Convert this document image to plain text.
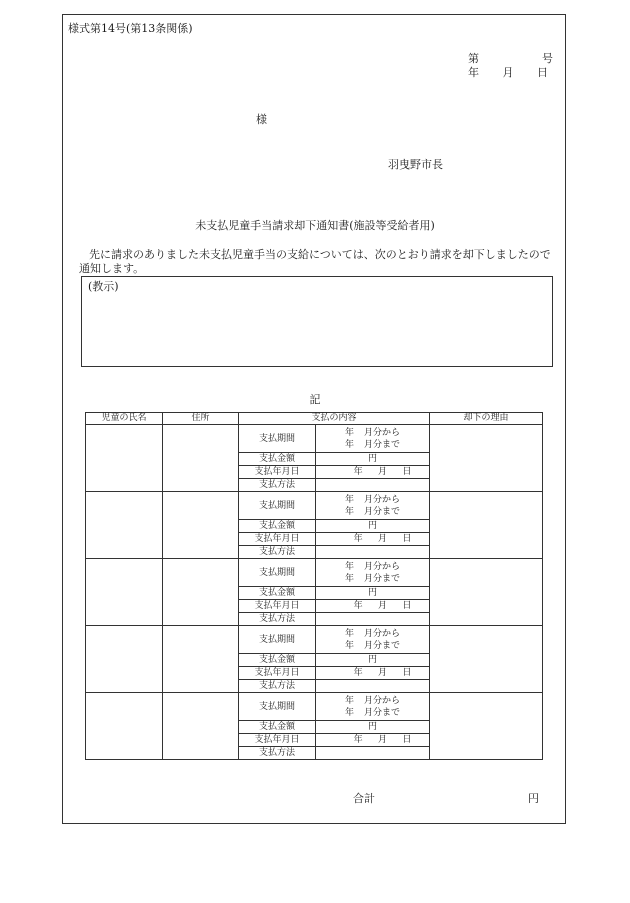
様式第14号(第13条関係)
第	号
年 月 日
様
羽曳野市長
未支払児童手当請求却下通知書(施設等受給者用)
先に請求のありました未支払児童手当の支給については、次のとおり請求を却下しましたので通知します。
(教示)
記
児童の氏名	住所	支払の内容		却下の理由
		支払期間	年 月分から
年 月分まで	

		支払金額	円	
		支払年月日	年 月 日	

		支払方法		
		支払期間	年 月分から
年 月分まで	

		支払金額	円	
		支払年月日	年 月 日	

		支払方法		
		支払期間	年 月分から
年 月分まで	

		支払金額	円	
		支払年月日	年 月 日	

		支払方法		
		支払期間	年 月分から
年 月分まで	

		支払金額	円	
		支払年月日	年 月 日	

		支払方法		
		支払期間	年 月分から
年 月分まで	

		支払金額	円	
		支払年月日	年 月 日	

		支払方法		
合計	円
